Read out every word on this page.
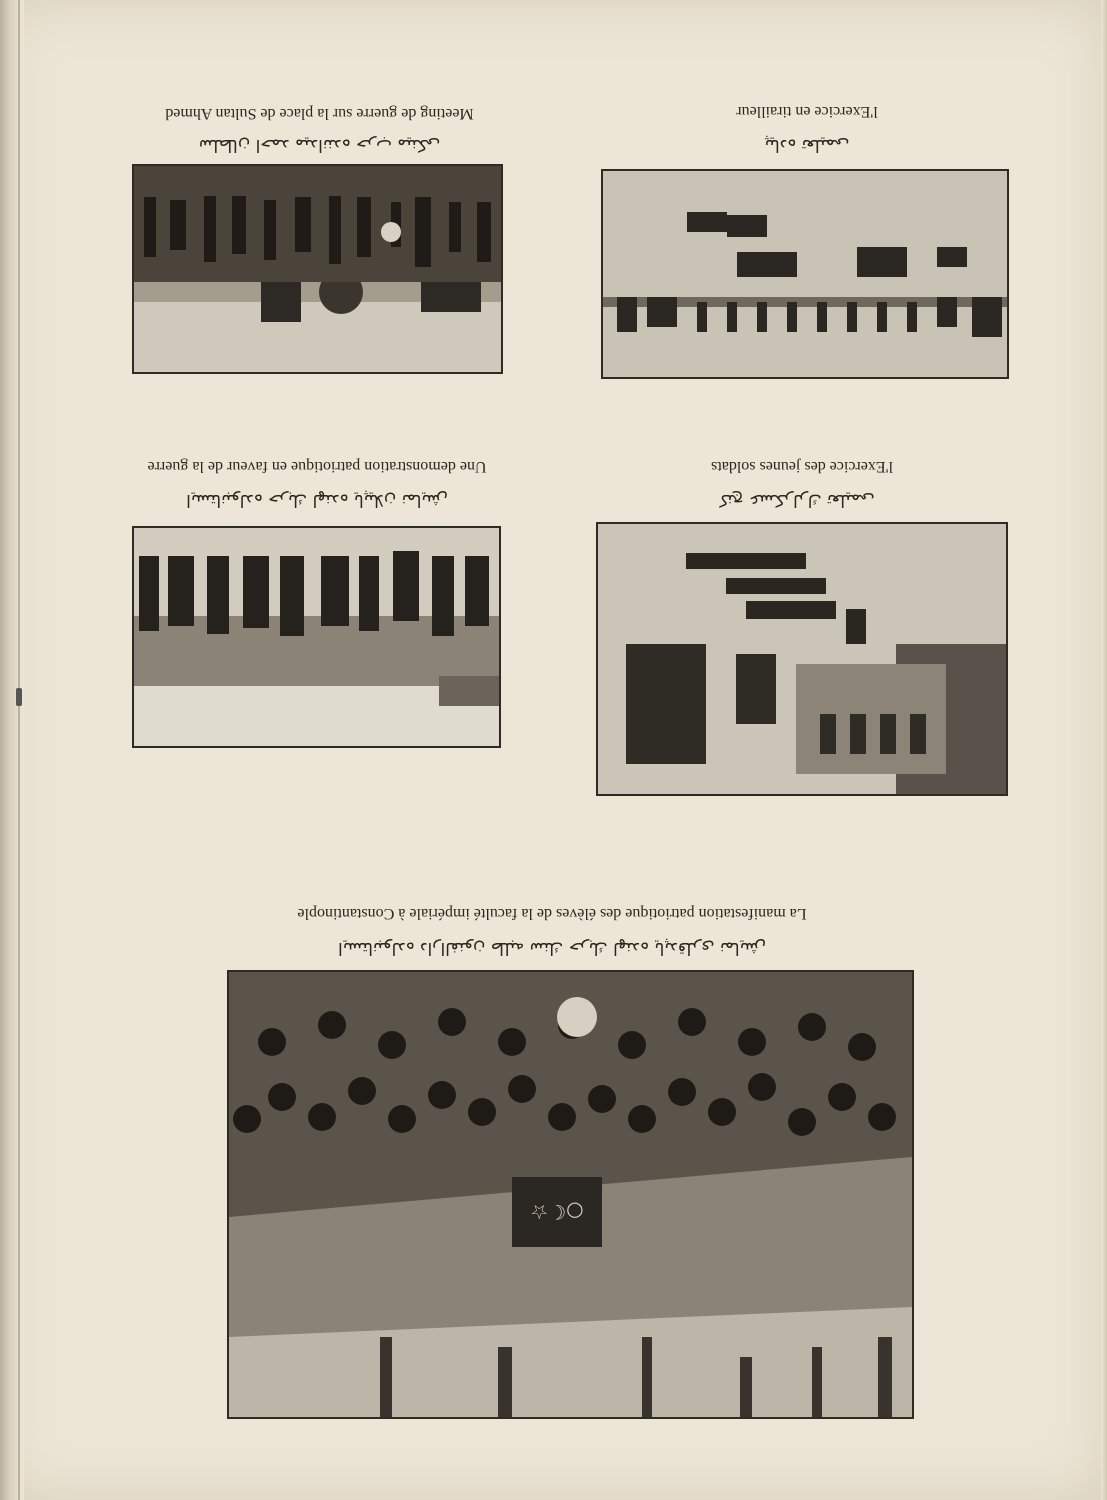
سلطان احمد میداننده حرب مینکی
Meeting de guerre sur la place de Sultan Ahmed
پیاده تعلیمی
l'Exercice en tirailleur
ایستانبولده حربك لهنده یاپیلان نمایش
Une demonstration patriotique en faveur de la guerre
کنج عسکرلرك تعلیمی
l'Exercice des jeunes soldats
○☾☆
ایستانبولده دارالفنون طلبه سنك حربك لهنده یاپدقلری نمایش
La manifestation patriotique des élèves de la faculté impériale à Constantinople
